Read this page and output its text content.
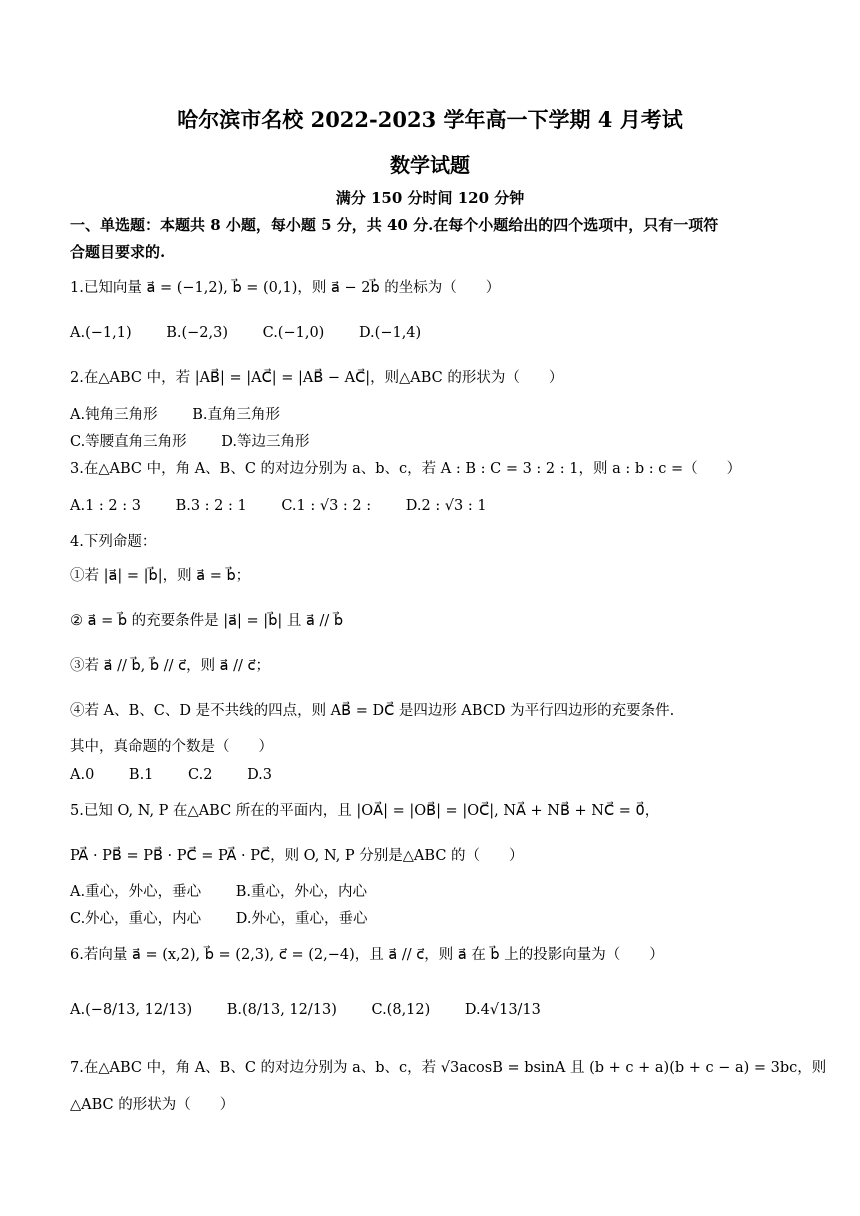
哈尔滨市名校 2022-2023 学年高一下学期 4 月考试
数学试题
满分 150 分时间 120 分钟
一、单选题：本题共 8 小题，每小题 5 分，共 40 分.在每个小题给出的四个选项中，只有一项符
合题目要求的.
1.已知向量 a⃗ = (−1,2), b⃗ = (0,1)，则 a⃗ − 2b⃗ 的坐标为（　　）
A.(−1,1) B.(−2,3) C.(−1,0) D.(−1,4)
2.在△ABC 中，若 |AB⃗| = |AC⃗| = |AB⃗ − AC⃗|，则△ABC 的形状为（　　）
A.钝角三角形 B.直角三角形
C.等腰直角三角形 D.等边三角形
3.在△ABC 中，角 A、B、C 的对边分别为 a、b、c，若 A : B : C = 3 : 2 : 1，则 a : b : c =（　　）
A.1 : 2 : 3 B.3 : 2 : 1 C.1 : √3 : 2 : D.2 : √3 : 1
4.下列命题：
①若 |a⃗| = |b⃗|，则 a⃗ = b⃗；
② a⃗ = b⃗ 的充要条件是 |a⃗| = |b⃗| 且 a⃗ // b⃗
③若 a⃗ // b⃗, b⃗ // c⃗，则 a⃗ // c⃗；
④若 A、B、C、D 是不共线的四点，则 AB⃗ = DC⃗ 是四边形 ABCD 为平行四边形的充要条件.
其中，真命题的个数是（　　）
A.0 B.1 C.2 D.3
5.已知 O, N, P 在△ABC 所在的平面内，且 |OA⃗| = |OB⃗| = |OC⃗|, NA⃗ + NB⃗ + NC⃗ = 0⃗，
PA⃗ · PB⃗ = PB⃗ · PC⃗ = PA⃗ · PC⃗，则 O, N, P 分别是△ABC 的（　　）
A.重心，外心，垂心 B.重心，外心，内心
C.外心，重心，内心 D.外心，重心，垂心
6.若向量 a⃗ = (x,2), b⃗ = (2,3), c⃗ = (2,−4)，且 a⃗ // c⃗，则 a⃗ 在 b⃗ 上的投影向量为（　　）
A.(−8/13, 12/13) B.(8/13, 12/13) C.(8,12) D.4√13/13
7.在△ABC 中，角 A、B、C 的对边分别为 a、b、c，若 √3acosB = bsinA 且 (b + c + a)(b + c − a) = 3bc，则
△ABC 的形状为（　　）
